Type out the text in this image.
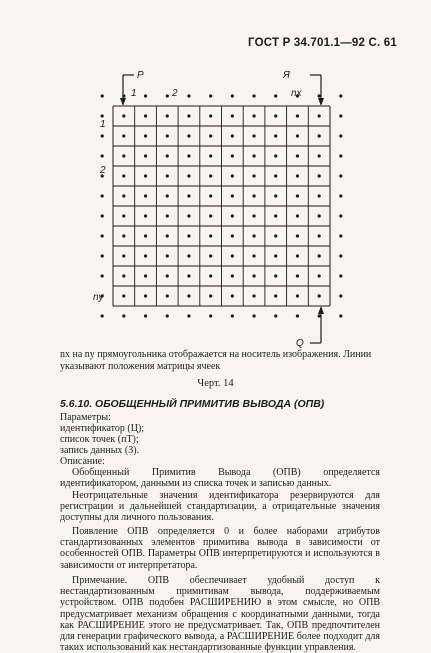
ГОСТ Р 34.701.1—92 С. 61
P	Я
Q
1	2	nx
1
2
ny
nx на ny прямоугольника отображается на носитель изображения. Линии
указывают положения матрицы ячеек
Черт. 14
5.6.10. ОБОБЩЕННЫЙ ПРИМИТИВ ВЫВОДА (ОПВ)
Параметры:
идентификатор (Ц);
список точек (пТ);
запись данных (З).
Описание:
Обобщенный Примитив Вывода (ОПВ) определяется идентификатором, данными из списка точек и записью данных.
Неотрицательные значения идентификатора резервируются для регистрации и дальнейшей стандартизации, а отрицательные значения доступны для личного пользования.
Появление ОПВ определяется 0 и более наборами атрибутов стандартизованных элементов примитива вывода в зависимости от особенностей ОПВ. Параметры ОПВ интерпретируются и используются в зависимости от интерпретатора.
Примечание. ОПВ обеспечивает удобный доступ к нестандартизованным примитивам вывода, поддерживаемым устройством. ОПВ подобен РАСШИРЕНИЮ в этом смысле, но ОПВ предусматривает механизм обращения с координатными данными, тогда как РАСШИРЕНИЕ этого не предусматривает. Так, ОПВ предпочтителен для генерации графического вывода, а РАСШИРЕНИЕ более подходит для таких использований как нестандартизованные функции управления.
